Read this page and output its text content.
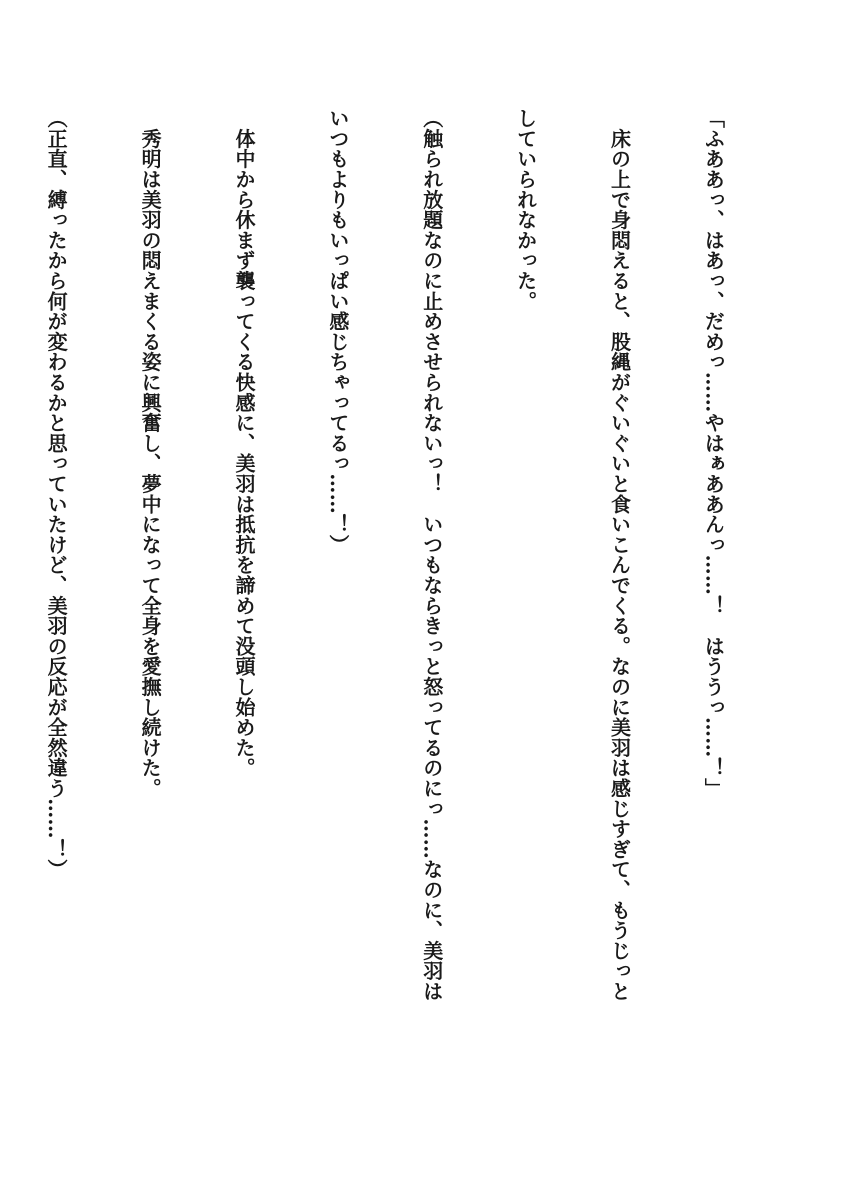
「ふああっ、はあっ、だめっ……やはぁああんっ……！　はううっ……！」

　床の上で身悶えると、股縄がぐいぐいと食いこんでくる。なのに美羽は感じすぎて、もうじっと

していられなかった。

（触られ放題なのに止めさせられないっ！　いつもならきっと怒ってるのにっ……なのに、美羽は

いつもよりもいっぱい感じちゃってるっ……！）

　体中から休まず襲ってくる快感に、美羽は抵抗を諦めて没頭し始めた。

　秀明は美羽の悶えまくる姿に興奮し、夢中になって全身を愛撫し続けた。

（正直、縛ったから何が変わるかと思っていたけど、美羽の反応が全然違う……！）
